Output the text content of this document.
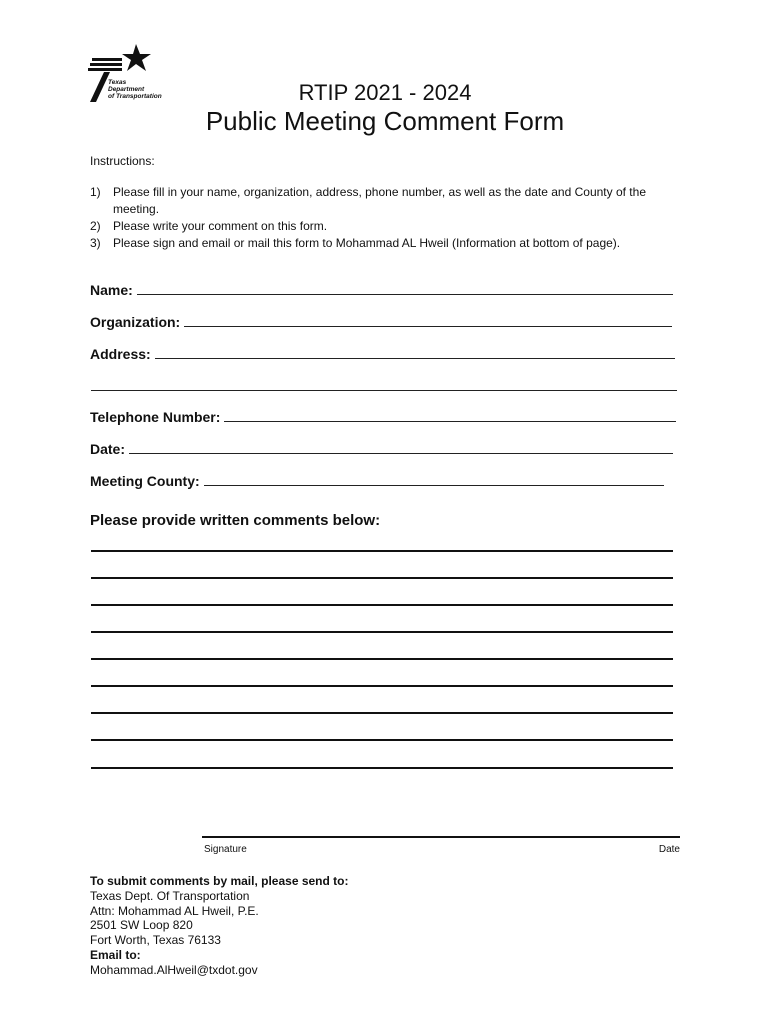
Texas
Department
of Transportation	RTIP 2021 - 2024
Public Meeting Comment Form
Instructions:
1) Please fill in your name, organization, address, phone number, as well as the date and County of the meeting.
2) Please write your comment on this form.
3) Please sign and email or mail this form to Mohammad AL Hweil (Information at bottom of page).
Name:
Organization:
Address:
Telephone Number:
Date:
Meeting County:
Please provide written comments below:
Signature	Date
To submit comments by mail, please send to:
Texas Dept. Of Transportation
Attn: Mohammad AL Hweil, P.E.
2501 SW Loop 820
Fort Worth, Texas 76133
Email to:
Mohammad.AlHweil@txdot.gov
